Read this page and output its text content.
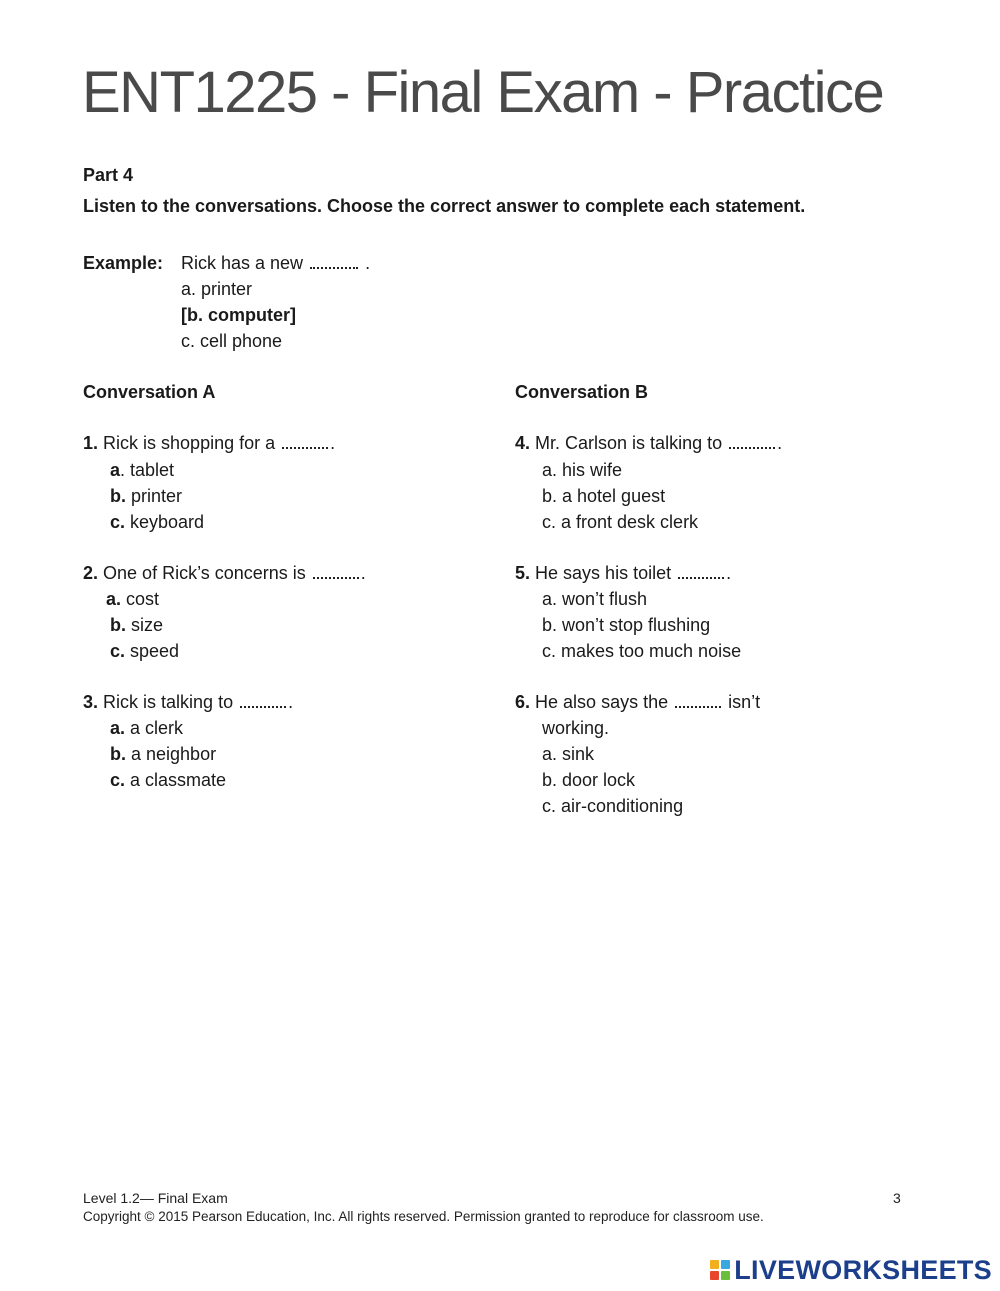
ENT1225 - Final Exam - Practice
Part 4
Listen to the conversations. Choose the correct answer to complete each statement.
Example: Rick has a new	.
a. printer
[b. computer]
c. cell phone
Conversation A
1. Rick is shopping for a	.
a. tablet
b. printer
c. keyboard
2. One of Rick’s concerns is	.
a. cost
b. size
c. speed
3. Rick is talking to	.
a. a clerk
b. a neighbor
c. a classmate
Conversation B
4. Mr. Carlson is talking to	.
a. his wife
b. a hotel guest
c. a front desk clerk
5. He says his toilet	.
a. won’t flush
b. won’t stop flushing
c. makes too much noise
6. He also says the	isn’t
working.
a. sink
b. door lock
c. air-conditioning
Level 1.2— Final Exam	3
Copyright © 2015 Pearson Education, Inc. All rights reserved. Permission granted to reproduce for classroom use.
LIVEWORKSHEETS
